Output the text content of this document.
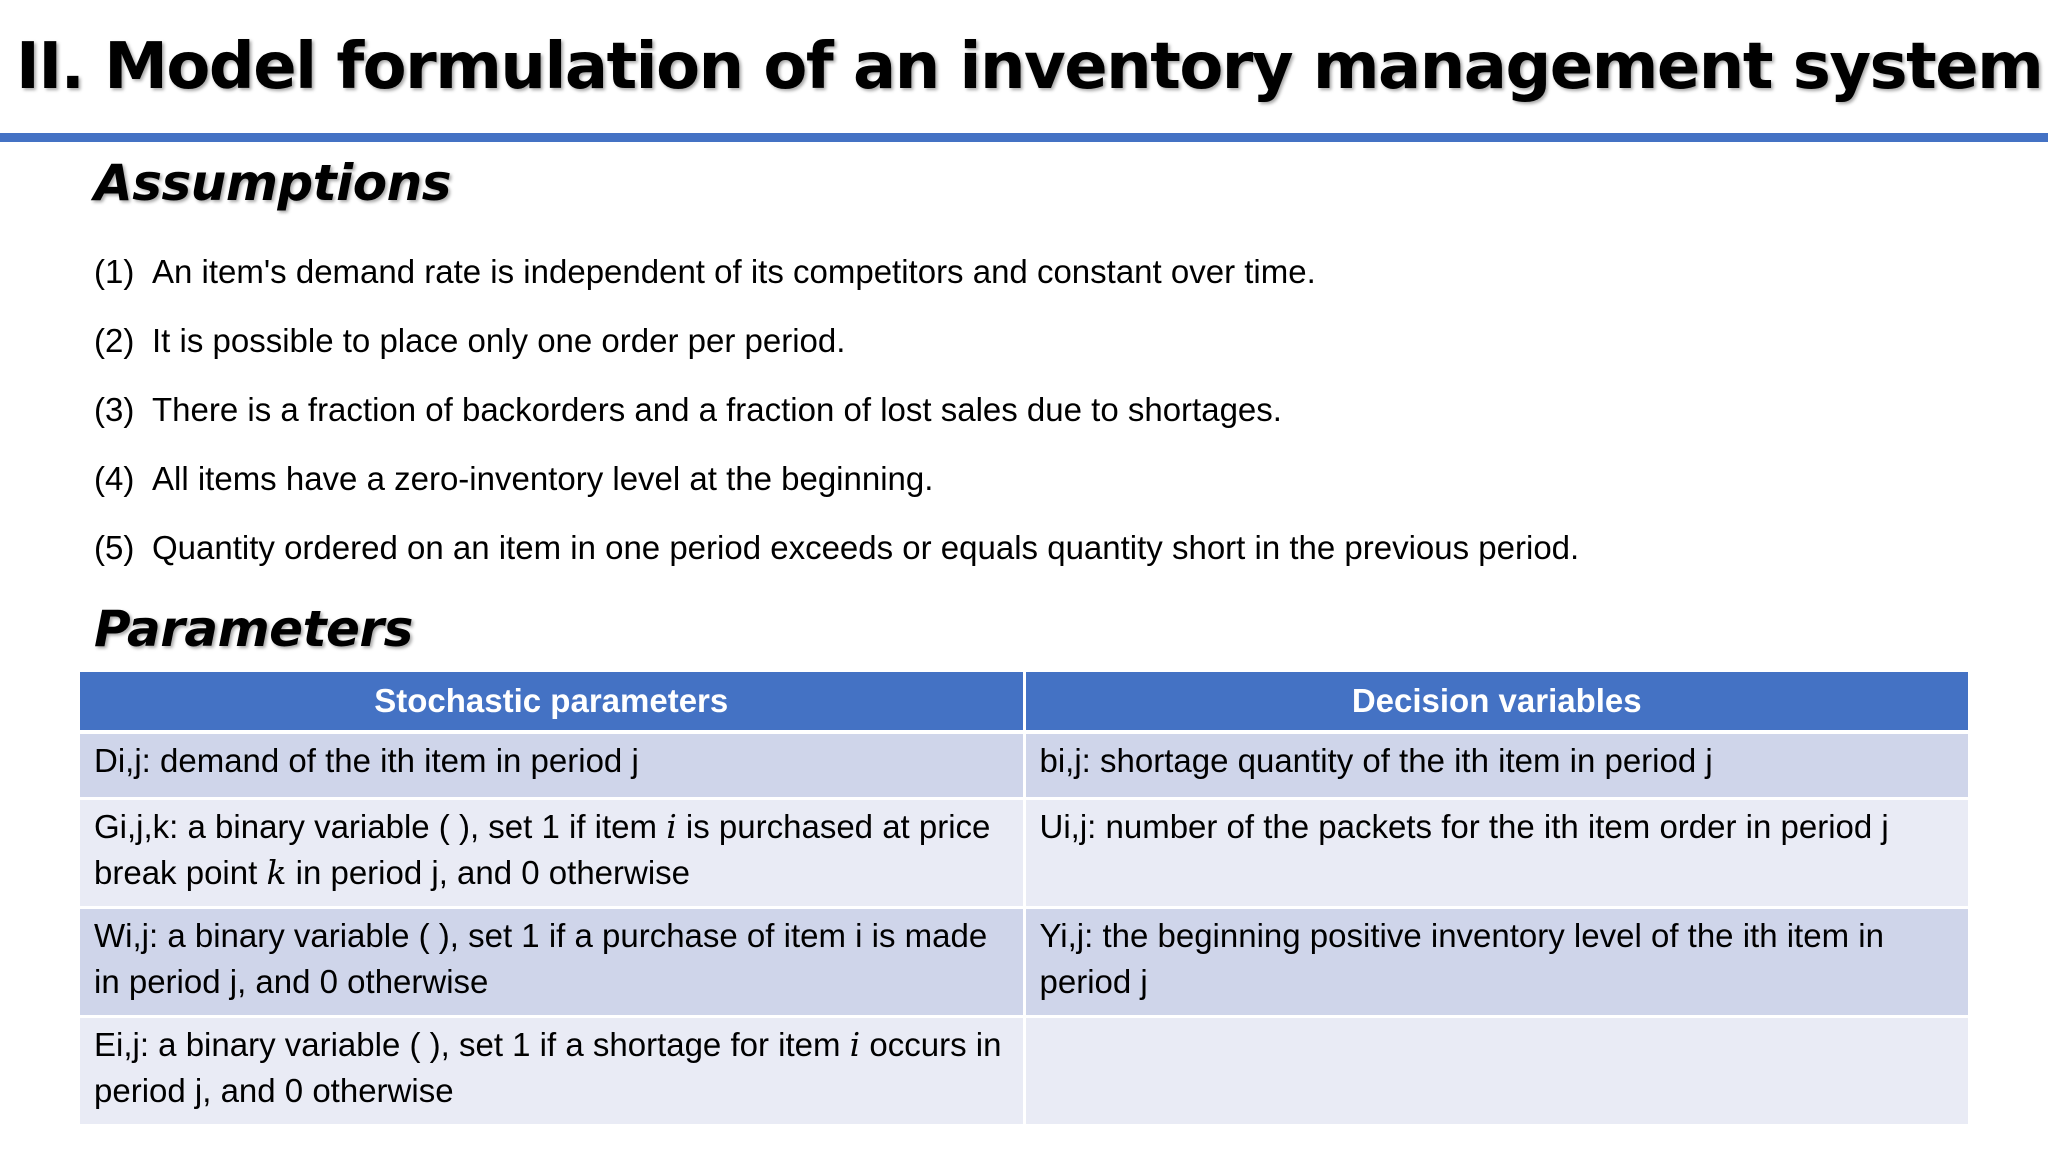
II. Model formulation of an inventory management system
Assumptions
(1) An item's demand rate is independent of its competitors and constant over time.
(2) It is possible to place only one order per period.
(3) There is a fraction of backorders and a fraction of lost sales due to shortages.
(4) All items have a zero-inventory level at the beginning.
(5) Quantity ordered on an item in one period exceeds or equals quantity short in the previous period.
Parameters
Stochastic parameters	Decision variables
Di,j: demand of the ith item in period j	bi,j: shortage quantity of the ith item in period j
Gi,j,k: a binary variable ( ), set 1 if item i is purchased at price break point k in period j, and 0 otherwise	Ui,j: number of the packets for the ith item order in period j
Wi,j: a binary variable ( ), set 1 if a purchase of item i is made in period j, and 0 otherwise	Yi,j: the beginning positive inventory level of the ith item in period j
Ei,j: a binary variable ( ), set 1 if a shortage for item i occurs in period j, and 0 otherwise	
